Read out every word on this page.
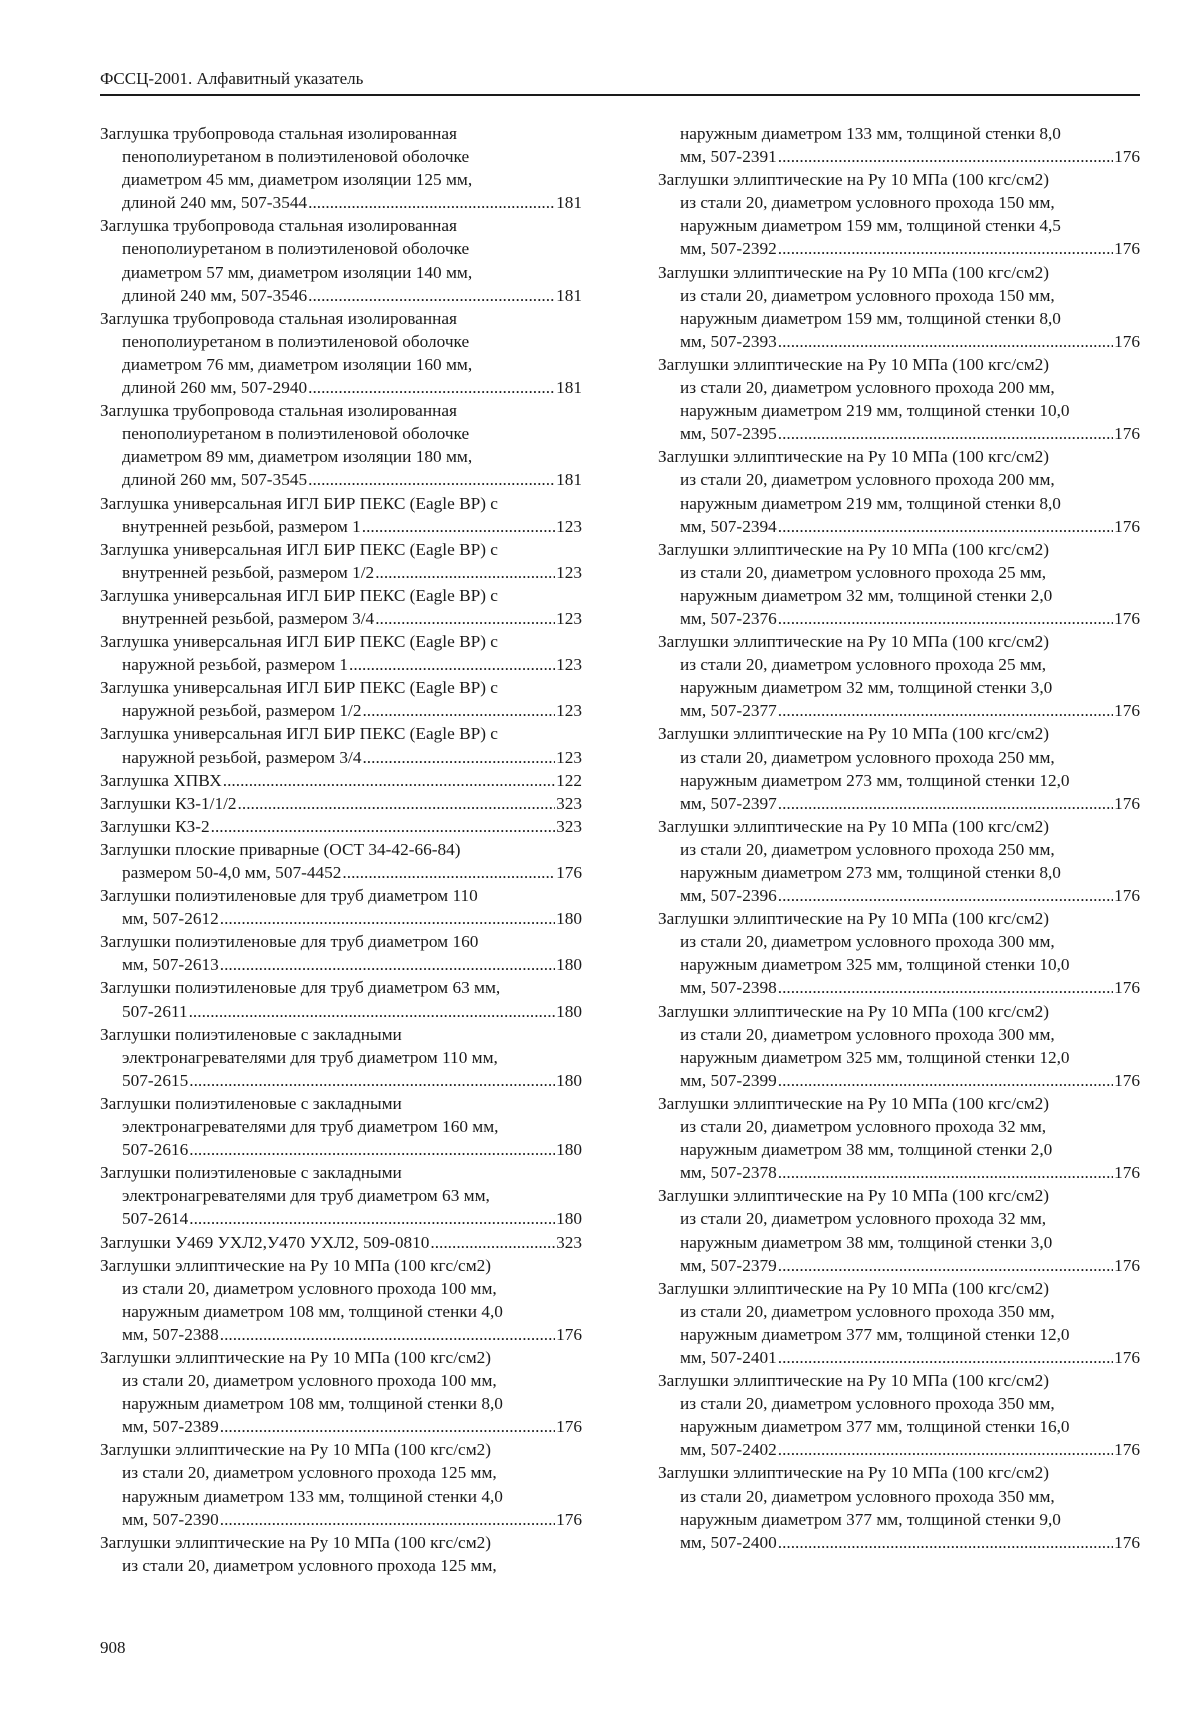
ФССЦ-2001. Алфавитный указатель
Заглушка трубопровода стальная изолированная
пенополиуретаном в полиэтиленовой оболочке
диаметром 45 мм, диаметром изоляции 125 мм,
длиной 240 мм, 507-3544 .....	181
Заглушка трубопровода стальная изолированная
пенополиуретаном в полиэтиленовой оболочке
диаметром 57 мм, диаметром изоляции 140 мм,
длиной 240 мм, 507-3546 .....	181
Заглушка трубопровода стальная изолированная
пенополиуретаном в полиэтиленовой оболочке
диаметром 76 мм, диаметром изоляции 160 мм,
длиной 260 мм, 507-2940 .....	181
Заглушка трубопровода стальная изолированная
пенополиуретаном в полиэтиленовой оболочке
диаметром 89 мм, диаметром изоляции 180 мм,
длиной 260 мм, 507-3545 .....	181
Заглушка универсальная ИГЛ БИР ПЕКС (Eagle BP) с
внутренней резьбой, размером 1 .....	123
Заглушка универсальная ИГЛ БИР ПЕКС (Eagle BP) с
внутренней резьбой, размером 1/2 .....	123
Заглушка универсальная ИГЛ БИР ПЕКС (Eagle BP) с
внутренней резьбой, размером 3/4 .....	123
Заглушка универсальная ИГЛ БИР ПЕКС (Eagle BP) с
наружной резьбой, размером 1 .....	123
Заглушка универсальная ИГЛ БИР ПЕКС (Eagle BP) с
наружной резьбой, размером 1/2 .....	123
Заглушка универсальная ИГЛ БИР ПЕКС (Eagle BP) с
наружной резьбой, размером 3/4 .....	123
Заглушка ХПВХ .....	122
Заглушки КЗ-1/1/2 .....	323
Заглушки КЗ-2 .....	323
Заглушки плоские приварные (ОСТ 34-42-66-84)
размером 50-4,0 мм, 507-4452 .....	176
Заглушки полиэтиленовые для труб диаметром 110
мм, 507-2612 .....	180
Заглушки полиэтиленовые для труб диаметром 160
мм, 507-2613 .....	180
Заглушки полиэтиленовые для труб диаметром 63 мм,
507-2611 .....	180
Заглушки полиэтиленовые с закладными
электронагревателями для труб диаметром 110 мм,
507-2615 .....	180
Заглушки полиэтиленовые с закладными
электронагревателями для труб диаметром 160 мм,
507-2616 .....	180
Заглушки полиэтиленовые с закладными
электронагревателями для труб диаметром 63 мм,
507-2614 .....	180
Заглушки У469 УХЛ2,У470 УХЛ2, 509-0810 .....	323
Заглушки эллиптические на Ру 10 МПа (100 кгс/см2)
из стали 20, диаметром условного прохода 100 мм,
наружным диаметром 108 мм, толщиной стенки 4,0
мм, 507-2388 .....	176
Заглушки эллиптические на Ру 10 МПа (100 кгс/см2)
из стали 20, диаметром условного прохода 100 мм,
наружным диаметром 108 мм, толщиной стенки 8,0
мм, 507-2389 .....	176
Заглушки эллиптические на Ру 10 МПа (100 кгс/см2)
из стали 20, диаметром условного прохода 125 мм,
наружным диаметром 133 мм, толщиной стенки 4,0
мм, 507-2390 .....	176
Заглушки эллиптические на Ру 10 МПа (100 кгс/см2)
из стали 20, диаметром условного прохода 125 мм,
наружным диаметром 133 мм, толщиной стенки 8,0
мм, 507-2391 .....	176
Заглушки эллиптические на Ру 10 МПа (100 кгс/см2)
из стали 20, диаметром условного прохода 150 мм,
наружным диаметром 159 мм, толщиной стенки 4,5
мм, 507-2392 .....	176
Заглушки эллиптические на Ру 10 МПа (100 кгс/см2)
из стали 20, диаметром условного прохода 150 мм,
наружным диаметром 159 мм, толщиной стенки 8,0
мм, 507-2393 .....	176
Заглушки эллиптические на Ру 10 МПа (100 кгс/см2)
из стали 20, диаметром условного прохода 200 мм,
наружным диаметром 219 мм, толщиной стенки 10,0
мм, 507-2395 .....	176
Заглушки эллиптические на Ру 10 МПа (100 кгс/см2)
из стали 20, диаметром условного прохода 200 мм,
наружным диаметром 219 мм, толщиной стенки 8,0
мм, 507-2394 .....	176
Заглушки эллиптические на Ру 10 МПа (100 кгс/см2)
из стали 20, диаметром условного прохода 25 мм,
наружным диаметром 32 мм, толщиной стенки 2,0
мм, 507-2376 .....	176
Заглушки эллиптические на Ру 10 МПа (100 кгс/см2)
из стали 20, диаметром условного прохода 25 мм,
наружным диаметром 32 мм, толщиной стенки 3,0
мм, 507-2377 .....	176
Заглушки эллиптические на Ру 10 МПа (100 кгс/см2)
из стали 20, диаметром условного прохода 250 мм,
наружным диаметром 273 мм, толщиной стенки 12,0
мм, 507-2397 .....	176
Заглушки эллиптические на Ру 10 МПа (100 кгс/см2)
из стали 20, диаметром условного прохода 250 мм,
наружным диаметром 273 мм, толщиной стенки 8,0
мм, 507-2396 .....	176
Заглушки эллиптические на Ру 10 МПа (100 кгс/см2)
из стали 20, диаметром условного прохода 300 мм,
наружным диаметром 325 мм, толщиной стенки 10,0
мм, 507-2398 .....	176
Заглушки эллиптические на Ру 10 МПа (100 кгс/см2)
из стали 20, диаметром условного прохода 300 мм,
наружным диаметром 325 мм, толщиной стенки 12,0
мм, 507-2399 .....	176
Заглушки эллиптические на Ру 10 МПа (100 кгс/см2)
из стали 20, диаметром условного прохода 32 мм,
наружным диаметром 38 мм, толщиной стенки 2,0
мм, 507-2378 .....	176
Заглушки эллиптические на Ру 10 МПа (100 кгс/см2)
из стали 20, диаметром условного прохода 32 мм,
наружным диаметром 38 мм, толщиной стенки 3,0
мм, 507-2379 .....	176
Заглушки эллиптические на Ру 10 МПа (100 кгс/см2)
из стали 20, диаметром условного прохода 350 мм,
наружным диаметром 377 мм, толщиной стенки 12,0
мм, 507-2401 .....	176
Заглушки эллиптические на Ру 10 МПа (100 кгс/см2)
из стали 20, диаметром условного прохода 350 мм,
наружным диаметром 377 мм, толщиной стенки 16,0
мм, 507-2402 .....	176
Заглушки эллиптические на Ру 10 МПа (100 кгс/см2)
из стали 20, диаметром условного прохода 350 мм,
наружным диаметром 377 мм, толщиной стенки 9,0
мм, 507-2400 .....	176
908
